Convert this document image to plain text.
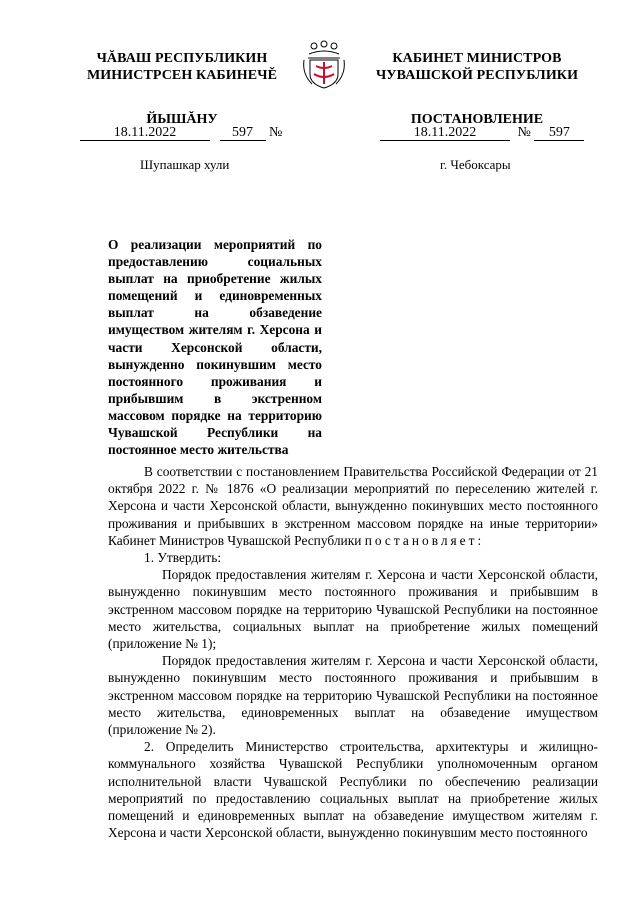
ЧĂВАШ РЕСПУБЛИКИН
МИНИСТРСЕН КАБИНЕЧĚ
ЙЫШĂНУ
КАБИНЕТ МИНИСТРОВ
ЧУВАШСКОЙ РЕСПУБЛИКИ
ПОСТАНОВЛЕНИЕ
18.11.2022	597 №	18.11.2022	№ 597
Шупашкар хули	г. Чебоксары
О реализации мероприятий по предоставлению социальных выплат на приобретение жилых помещений и единовременных выплат на обзаведение имуществом жителям г. Херсона и части Херсонской области, вынужденно покинувшим место постоянного проживания и прибывшим в экстренном массовом порядке на территорию Чувашской Республики на постоянное место жительства

В соответствии с постановлением Правительства Российской Федерации от 21 октября 2022 г. № 1876 «О реализации мероприятий по переселению жителей г. Херсона и части Херсонской области, вынужденно покинувших место постоянного проживания и прибывших в экстренном массовом порядке на иные территории» Кабинет Министров Чувашской Республики постановляет:

1. Утвердить:

Порядок предоставления жителям г. Херсона и части Херсонской области, вынужденно покинувшим место постоянного проживания и прибывшим в экстренном массовом порядке на территорию Чувашской Республики на постоянное место жительства, социальных выплат на приобретение жилых помещений (приложение № 1);

Порядок предоставления жителям г. Херсона и части Херсонской области, вынужденно покинувшим место постоянного проживания и прибывшим в экстренном массовом порядке на территорию Чувашской Республики на постоянное место жительства, единовременных выплат на обзаведение имуществом (приложение № 2).

2. Определить Министерство строительства, архитектуры и жилищно-коммунального хозяйства Чувашской Республики уполномоченным органом исполнительной власти Чувашской Республики по обеспечению реализации мероприятий по предоставлению социальных выплат на приобретение жилых помещений и единовременных выплат на обзаведение имуществом жителям г. Херсона и части Херсонской области, вынужденно покинувшим место постоянного
